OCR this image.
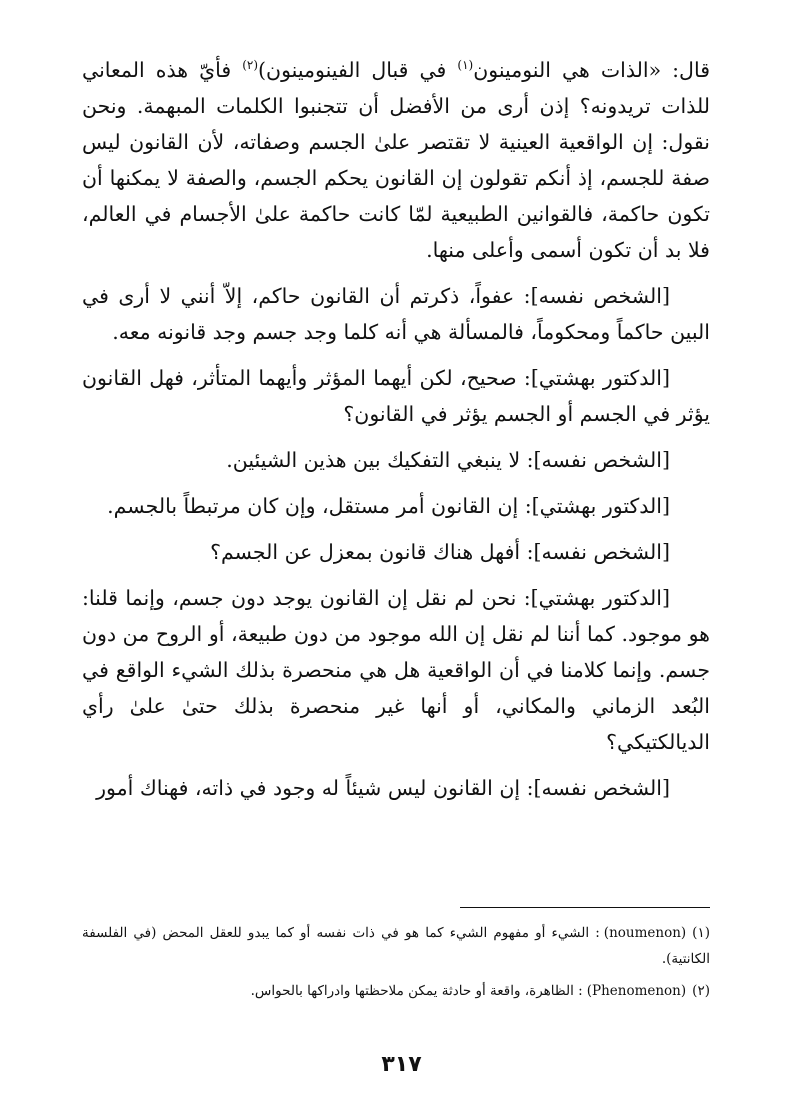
قال: «الذات هي النومينون$^{(١)}$ في قبال الفينومينون)$^{(٢)}$ فأيّ هذه المعاني للذات تريدونه؟ إذن أرى من الأفضل أن تتجنبوا الكلمات المبهمة. ونحن نقول: إن الواقعية العينية لا تقتصر علىٰ الجسم وصفاته، لأن القانون ليس صفة للجسم، إذ أنكم تقولون إن القانون يحكم الجسم، والصفة لا يمكنها أن تكون حاكمة، فالقوانين الطبيعية لمّا كانت حاكمة علىٰ الأجسام في العالم، فلا بد أن تكون أسمى وأعلى منها.

[الشخص نفسه]: عفواً، ذكرتم أن القانون حاكم، إلاّ أنني لا أرى في البين حاكماً ومحكوماً، فالمسألة هي أنه كلما وجد جسم وجد قانونه معه.

[الدكتور بهشتي]: صحيح، لكن أيهما المؤثر وأيهما المتأثر، فهل القانون يؤثر في الجسم أو الجسم يؤثر في القانون؟

[الشخص نفسه]: لا ينبغي التفكيك بين هذين الشيئين.

[الدكتور بهشتي]: إن القانون أمر مستقل، وإن كان مرتبطاً بالجسم.

[الشخص نفسه]: أفهل هناك قانون بمعزل عن الجسم؟

[الدكتور بهشتي]: نحن لم نقل إن القانون يوجد دون جسم، وإنما قلنا: هو موجود. كما أننا لم نقل إن الله موجود من دون طبيعة، أو الروح من دون جسم. وإنما كلامنا في أن الواقعية هل هي منحصرة بذلك الشيء الواقع في البُعد الزماني والمكاني، أو أنها غير منحصرة بذلك حتىٰ علىٰ رأي الديالكتيكي؟

[الشخص نفسه]: إن القانون ليس شيئاً له وجود في ذاته، فهناك أمور

(١)(noumenon): الشيء أو مفهوم الشيء كما هو في ذات نفسه أو كما يبدو للعقل المحض (في الفلسفة الكانتية).

(٢)(Phenomenon): الظاهرة، واقعة أو حادثة يمكن ملاحظتها وادراكها بالحواس.

٣١٧
